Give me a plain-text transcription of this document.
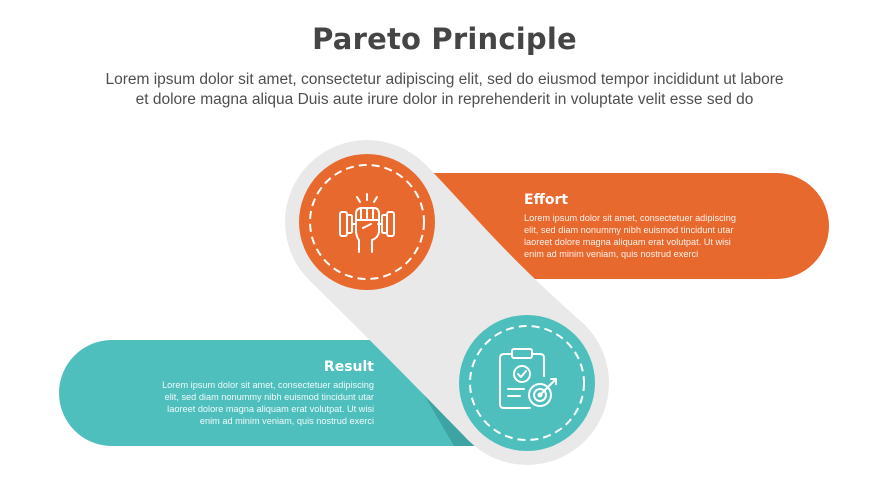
Pareto Principle
Lorem ipsum dolor sit amet, consectetur adipiscing elit, sed do eiusmod tempor incididunt ut labore
et dolore magna aliqua Duis aute irure dolor in reprehenderit in voluptate velit esse sed do
Effort
Lorem ipsum dolor sit amet, consectetuer adipiscing
elit, sed diam nonummy nibh euismod tincidunt utar
laoreet dolore magna aliquam erat volutpat. Ut wisi
enim ad minim veniam, quis nostrud exerci
Result
Lorem ipsum dolor sit amet, consectetuer adipiscing
elit, sed diam nonummy nibh euismod tincidunt utar
laoreet dolore magna aliquam erat volutpat. Ut wisi
enim ad minim veniam, quis nostrud exerci
